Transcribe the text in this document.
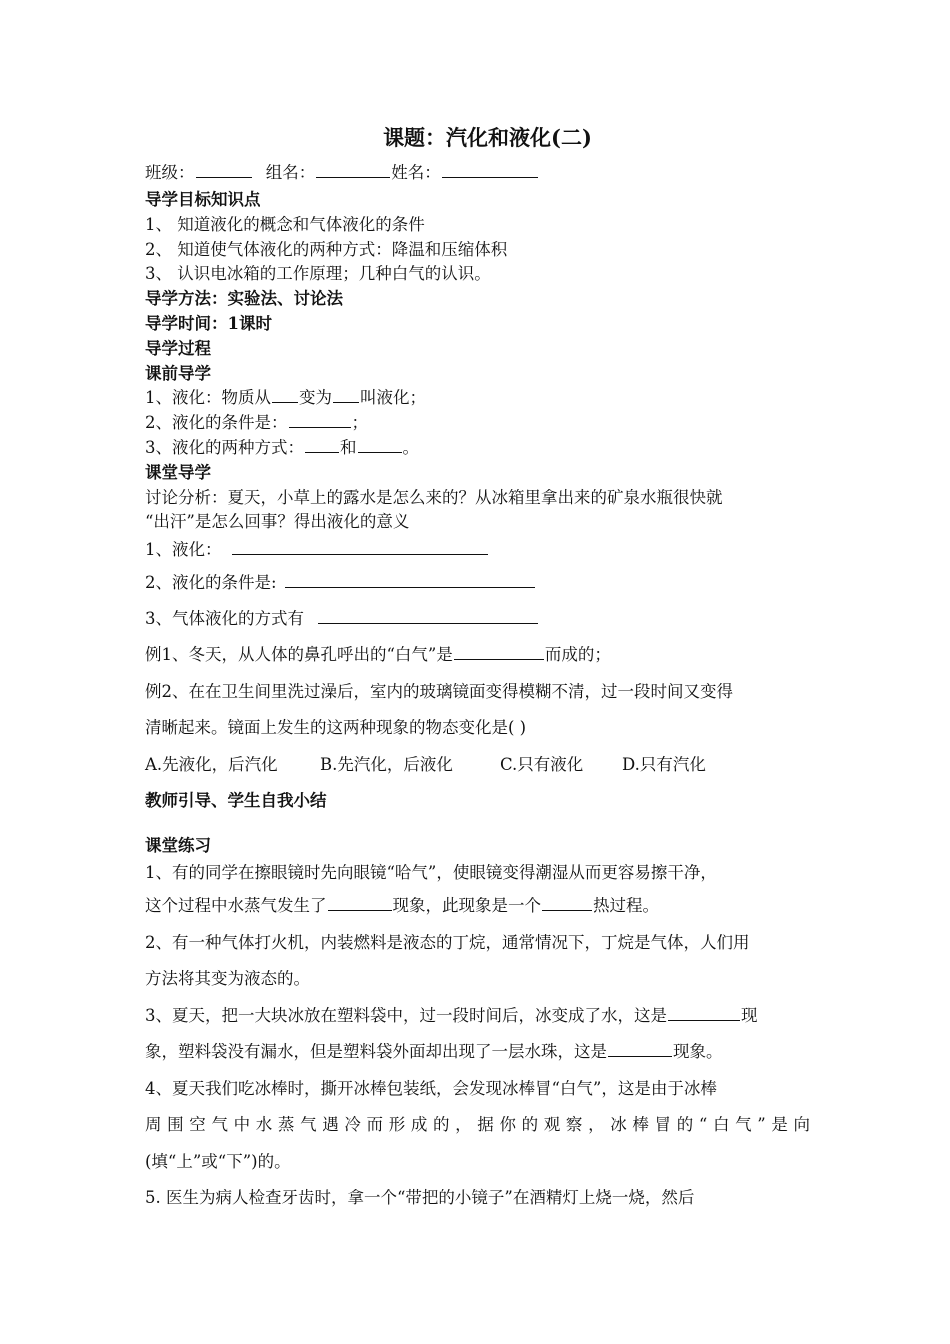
课题：汽化和液化(二)
班级：	组名：	姓名：
导学目标知识点
1、 知道液化的概念和气体液化的条件
2、 知道使气体液化的两种方式：降温和压缩体积
3、 认识电冰箱的工作原理；几种白气的认识。
导学方法：实验法、讨论法
导学时间：1课时
导学过程
课前导学
1、液化：物质从 变为 叫液化；
2、液化的条件是：	；
3、液化的两种方式： 和	。
课堂导学
讨论分析：夏天，小草上的露水是怎么来的？从冰箱里拿出来的矿泉水瓶很快就
“出汗”是怎么回事？得出液化的意义
1、液化：
2、液化的条件是:
3、气体液化的方式有
例1、冬天，从人体的鼻孔呼出的“白气”是	而成的；
例2、在在卫生间里洗过澡后，室内的玻璃镜面变得模糊不清，过一段时间又变得
清晰起来。镜面上发生的这两种现象的物态变化是( )
A.先液化，后汽化	B.先汽化，后液化	C.只有液化 D.只有汽化
教师引导、学生自我小结
课堂练习
1、有的同学在擦眼镜时先向眼镜“哈气”，使眼镜变得潮湿从而更容易擦干净，
这个过程中水蒸气发生了	现象，此现象是一个	热过程。
2、有一种气体打火机，内装燃料是液态的丁烷，通常情况下，丁烷是气体，人们用
方法将其变为液态的。
3、夏天，把一大块冰放在塑料袋中，过一段时间后，冰变成了水，这是	现
象，塑料袋没有漏水，但是塑料袋外面却出现了一层水珠，这是	现象。
4、夏天我们吃冰棒时，撕开冰棒包装纸，会发现冰棒冒“白气”，这是由于冰棒
周围空气中水蒸气遇冷而形成的，据你的观察，冰棒冒的“白气”是向
(填“上”或“下”)的。
5. 医生为病人检查牙齿时，拿一个“带把的小镜子”在酒精灯上烧一烧，然后
